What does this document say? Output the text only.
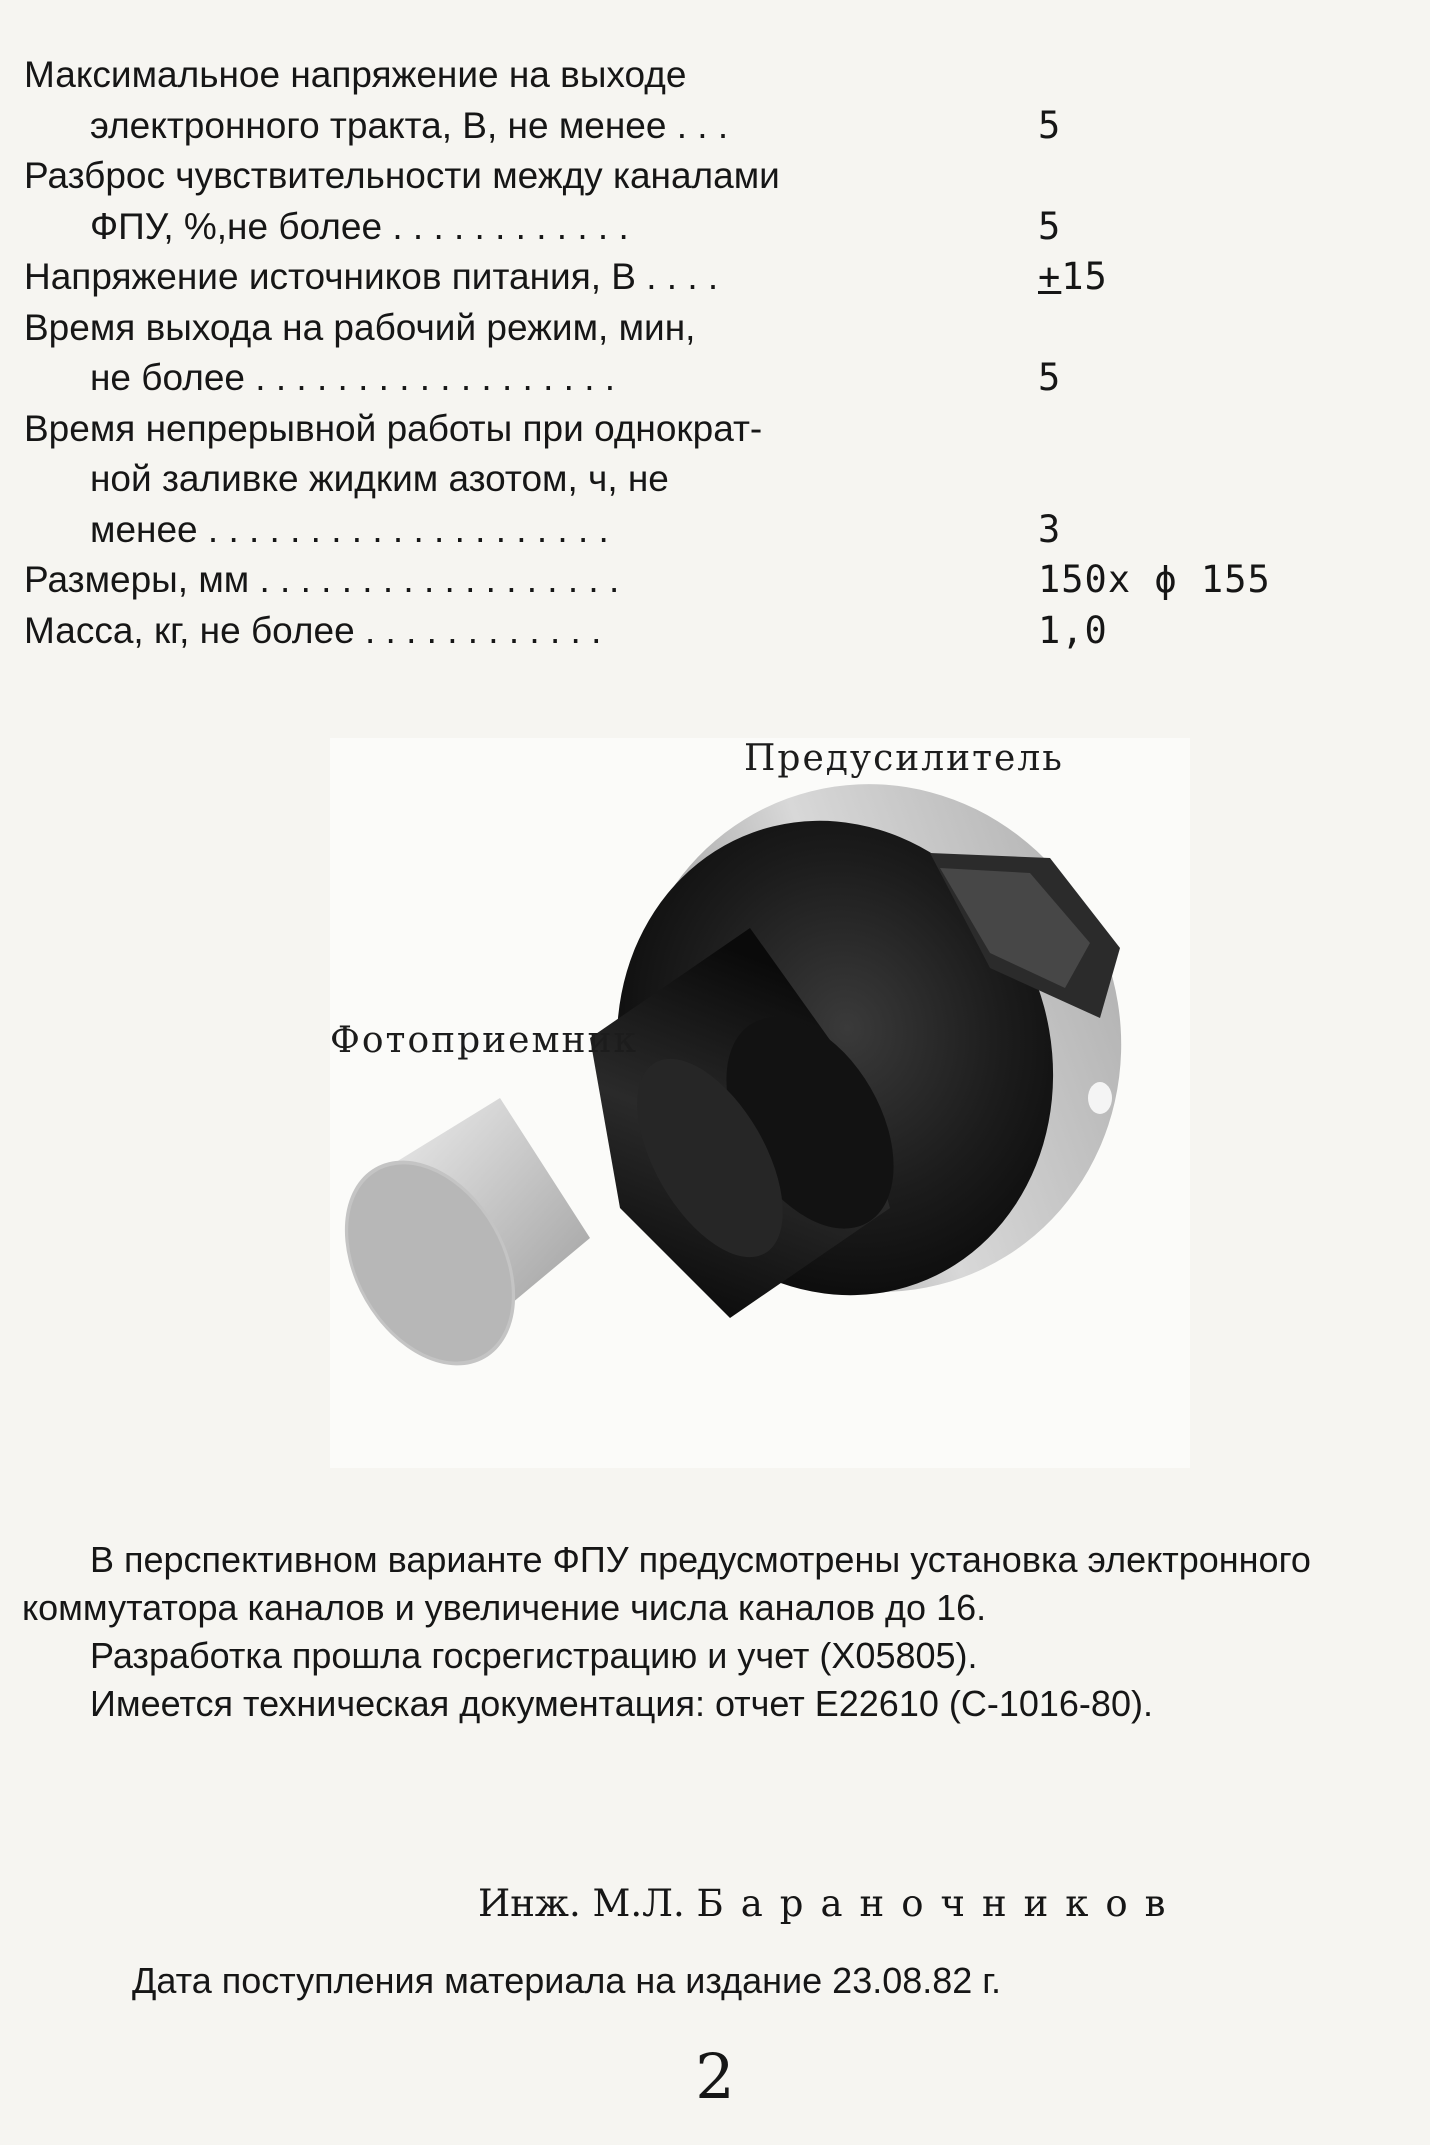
Максимальное напряжение на выходе
электронного тракта, В, не менее . . .	5
Разброс чувствительности между каналами
ФПУ, %,не более . . . . . . . . . . . .	5
Напряжение источников питания, В . . . .	+15
Время выхода на рабочий режим, мин,
не более . . . . . . . . . . . . . . . . . .	5
Время непрерывной работы при однократ-
ной заливке жидким азотом, ч, не
менее . . . . . . . . . . . . . . . . . . . .	3
Размеры, мм . . . . . . . . . . . . . . . . . .	150x ϕ 155
Масса, кг, не более . . . . . . . . . . . .	1,0
Предусилитель
Фотоприемник

В перспективном варианте ФПУ предусмотрены установка электронного коммутатора каналов и увеличение числа каналов до 16.

Разработка прошла госрегистрацию и учет (X05805).

Имеется техническая документация: отчет Е22610 (С-1016-80).

Инж. М.Л. Бараночников
Дата поступления материала на издание 23.08.82 г.
2
